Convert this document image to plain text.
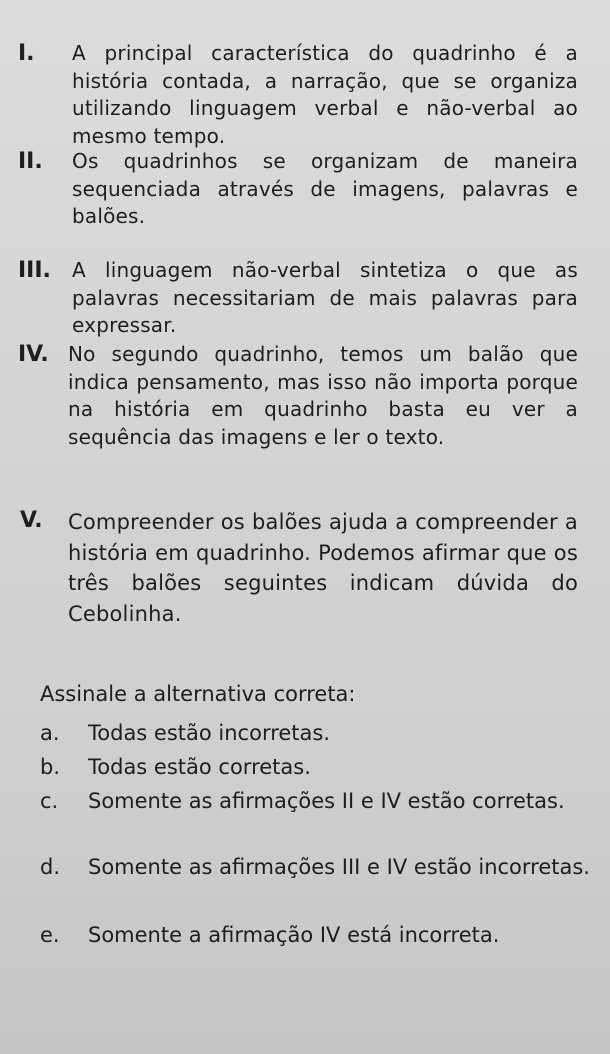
I. A principal característica do quadrinho é a história contada, a narração, que se organiza utilizando linguagem verbal e não-verbal ao mesmo tempo.
II. Os quadrinhos se organizam de maneira sequenciada através de imagens, palavras e balões.
III. A linguagem não-verbal sintetiza o que as palavras necessitariam de mais palavras para expressar.
IV. No segundo quadrinho, temos um balão que indica pensamento, mas isso não importa porque na história em quadrinho basta eu ver a sequência das imagens e ler o texto.
V. Compreender os balões ajuda a compreender a história em quadrinho. Podemos afirmar que os três balões seguintes indicam dúvida do Cebolinha.
Assinale a alternativa correta:
a.	Todas estão incorretas.
b.	Todas estão corretas.
c.	Somente as afirmações II e IV estão corretas.
d.	Somente as afirmações III e IV estão incorretas.
e.	Somente a afirmação IV está incorreta.
